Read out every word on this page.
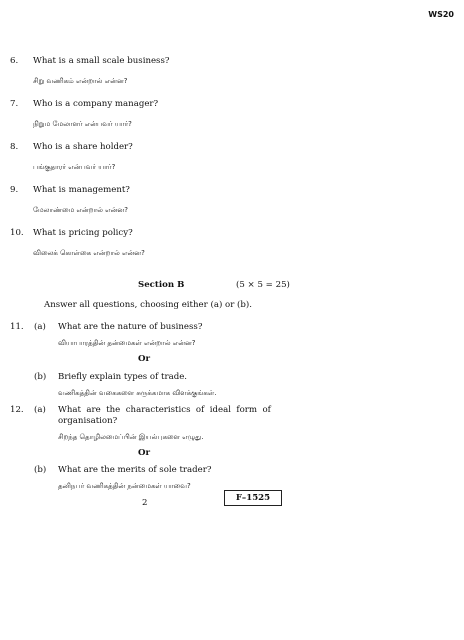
WS20
6. What is a small scale business?
சிறு வணிகம் என்றால் என்ன?
7. Who is a company manager?
நிறும மேலாளர் என்பவர் யார்?
8. Who is a share holder?
பங்குதாரர் என்பவர் யார்?
9. What is management?
மேலாண்மை என்றால் என்ன?
10. What is pricing policy?
விலைக் கொள்கை என்றால் என்ன?
Section B	(5 × 5 = 25)
Answer all questions, choosing either (a) or (b).
11. (a) What are the nature of business?
வியாபாரத்தின் தன்மைகள் என்றால் என்ன?
Or
(b) Briefly explain types of trade.
வணிகத்தின் வகைகளை சுருக்கமாக விளக்குங்கள்.
12. (a) What  are  the  characteristics  of  ideal  form  of
organisation?
சிறந்த தொழிலமைப்பின் இயல்புகளை எழுது.
Or
(b) What are the merits of sole trader?
தனிநபர் வணிகத்தின் நன்மைகள் யாவை?
2	F–1525
